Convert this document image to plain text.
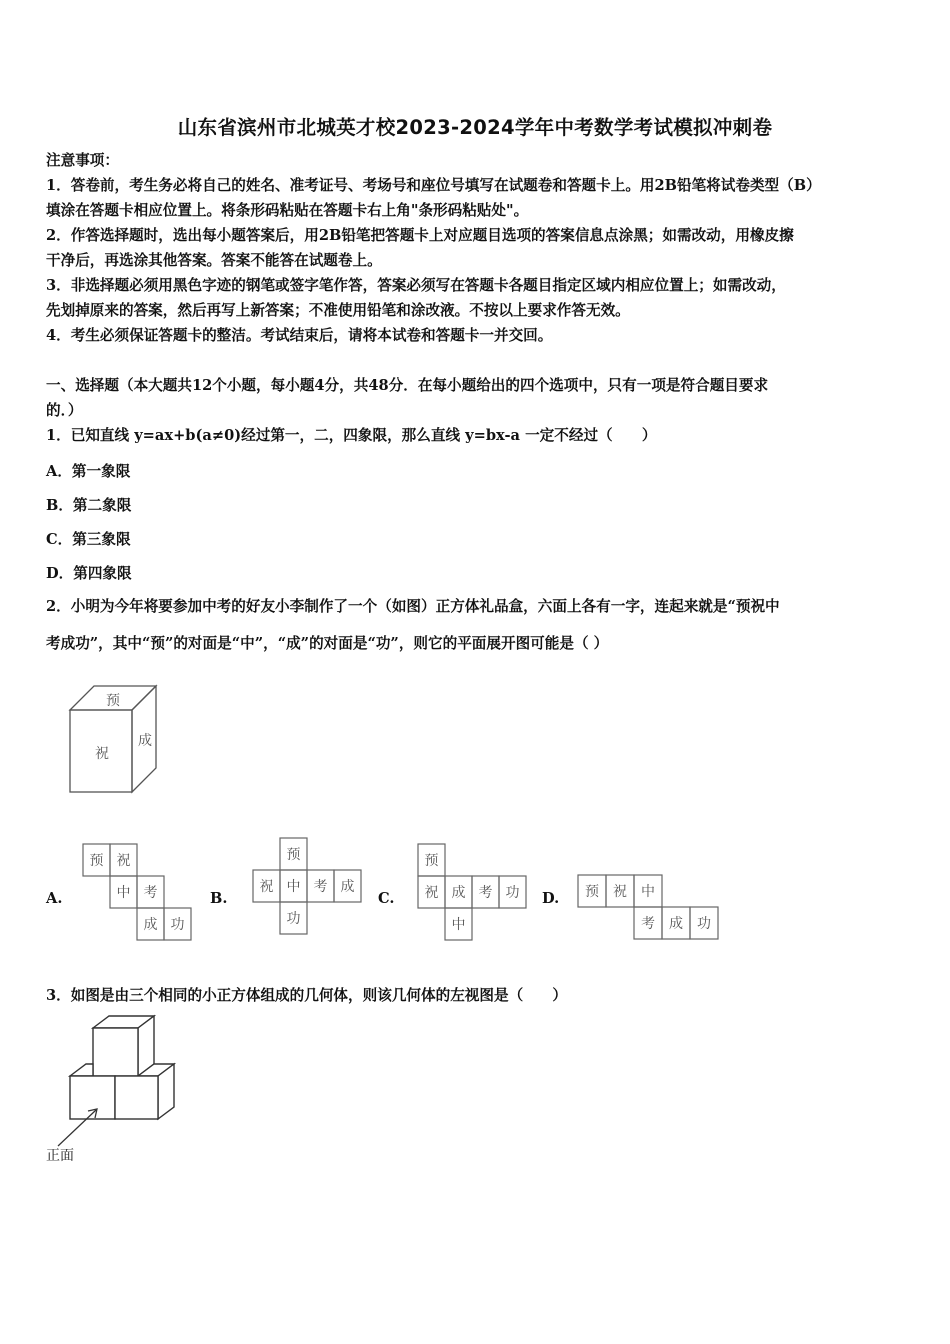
山东省滨州市北城英才校2023-2024学年中考数学考试模拟冲刺卷
注意事项：
1．答卷前，考生务必将自己的姓名、准考证号、考场号和座位号填写在试题卷和答题卡上。用2B铅笔将试卷类型（B）
填涂在答题卡相应位置上。将条形码粘贴在答题卡右上角"条形码粘贴处"。
2．作答选择题时，选出每小题答案后，用2B铅笔把答题卡上对应题目选项的答案信息点涂黑；如需改动，用橡皮擦
干净后，再选涂其他答案。答案不能答在试题卷上。
3．非选择题必须用黑色字迹的钢笔或签字笔作答，答案必须写在答题卡各题目指定区域内相应位置上；如需改动，
先划掉原来的答案，然后再写上新答案；不准使用铅笔和涂改液。不按以上要求作答无效。
4．考生必须保证答题卡的整洁。考试结束后，请将本试卷和答题卡一并交回。
一、选择题（本大题共12个小题，每小题4分，共48分．在每小题给出的四个选项中，只有一项是符合题目要求
的．）
1．已知直线 y=ax+b(a≠0)经过第一，二，四象限，那么直线 y=bx-a 一定不经过（　　）
A．第一象限
B．第二象限
C．第三象限
D．第四象限
2．小明为今年将要参加中考的好友小李制作了一个（如图）正方体礼品盒，六面上各有一字，连起来就是“预祝中
考成功”，其中“预”的对面是“中”，“成”的对面是“功”，则它的平面展开图可能是（ ）
预
祝
成
A.
预 祝
中 考
成 功
B.
预
祝 中 考 成
功
C.
预
祝 成 考 功
中
D. 预 祝 中
考 成 功
3．如图是由三个相同的小正方体组成的几何体，则该几何体的左视图是（　　）
正面
